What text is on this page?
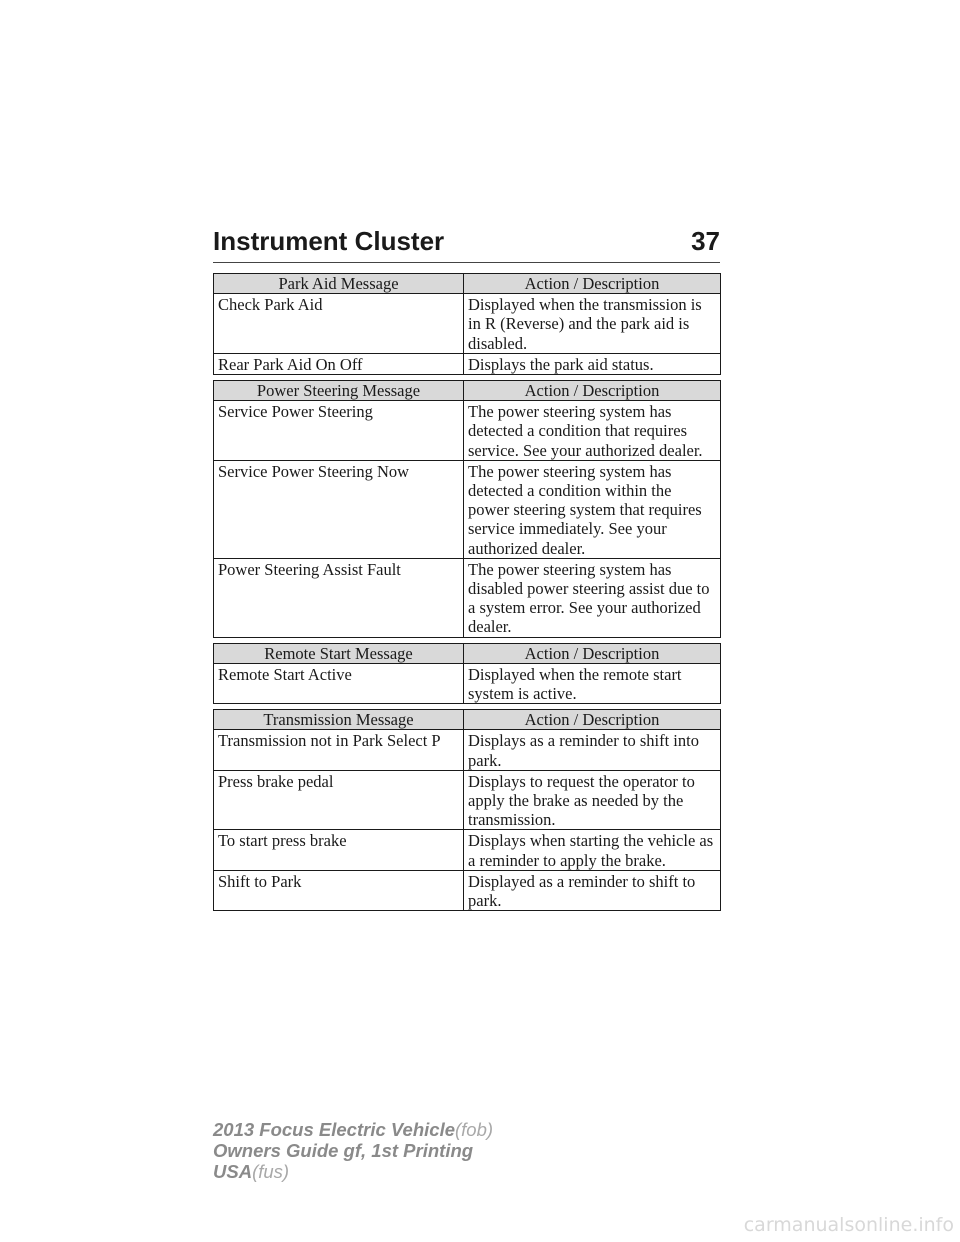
Instrument Cluster	37
Park Aid Message	Action / Description
Check Park Aid	Displayed when the transmission is in R (Reverse) and the park aid is disabled.
Rear Park Aid On Off	Displays the park aid status.
Power Steering Message	Action / Description
Service Power Steering	The power steering system has detected a condition that requires service. See your authorized dealer.
Service Power Steering Now	The power steering system has detected a condition within the power steering system that requires service immediately. See your authorized dealer.
Power Steering Assist Fault	The power steering system has disabled power steering assist due to a system error. See your authorized dealer.
Remote Start Message	Action / Description
Remote Start Active	Displayed when the remote start system is active.
Transmission Message	Action / Description
Transmission not in Park Select P	Displays as a reminder to shift into park.
Press brake pedal	Displays to request the operator to apply the brake as needed by the transmission.
To start press brake	Displays when starting the vehicle as a reminder to apply the brake.
Shift to Park	Displayed as a reminder to shift to park.
2013 Focus Electric Vehicle(fob)
Owners Guide gf, 1st Printing
USA(fus)
carmanualsonline.info
